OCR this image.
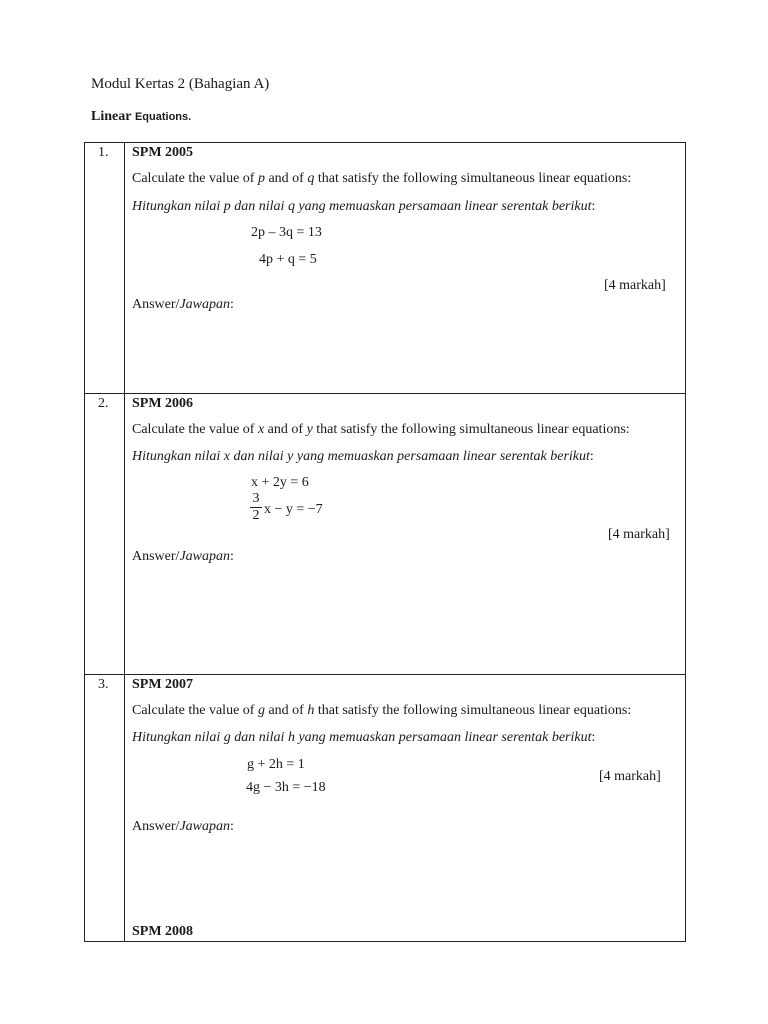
Modul Kertas 2 (Bahagian A)
Linear Equations.
1. SPM 2005
Calculate the value of p and of q that satisfy the following simultaneous linear equations:
Hitungkan nilai p dan nilai q yang memuaskan persamaan linear serentak berikut:
2p – 3q = 13
4p + q = 5
[4 markah]
Answer/Jawapan:
2. SPM 2006
Calculate the value of x and of y that satisfy the following simultaneous linear equations:
Hitungkan nilai x dan nilai y yang memuaskan persamaan linear serentak berikut:
x + 2y = 6
3
2 x − y = −7
[4 markah]
Answer/Jawapan:
3. SPM 2007
Calculate the value of g and of h that satisfy the following simultaneous linear equations:
Hitungkan nilai g dan nilai h yang memuaskan persamaan linear serentak berikut:
g + 2h = 1
4g − 3h = −18
[4 markah]
Answer/Jawapan:
SPM 2008
